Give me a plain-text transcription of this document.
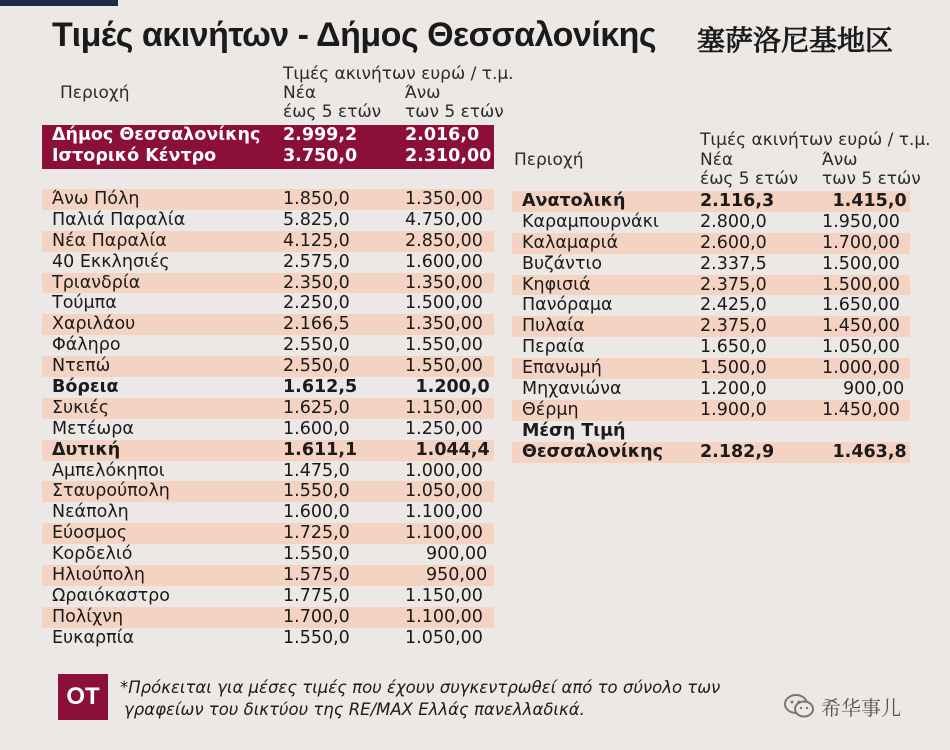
Τιμές ακινήτων - Δήμος Θεσσαλονίκης 塞萨洛尼基地区
Περιοχή
Τιμές ακινήτων ευρώ / τ.μ.
Νέα
έως 5 ετών
Άνω
των 5 ετών
Δήμος Θεσσαλονίκης 2.999,2	2.016,0
Ιστορικό Κέντρο	3.750,0	2.310,00
Άνω Πόλη	1.850,0	1.350,00
Παλιά Παραλία	5.825,0	4.750,00
Νέα Παραλία	4.125,0	2.850,00
40 Εκκλησιές	2.575,0	1.600,00
Τριανδρία	2.350,0	1.350,00
Τούμπα	2.250,0	1.500,00
Χαριλάου	2.166,5	1.350,00
Φάληρο	2.550,0	1.550,00
Ντεπώ	2.550,0	1.550,00
Βόρεια	1.612,5	1.200,0
Συκιές	1.625,0	1.150,00
Μετέωρα	1.600,0	1.250,00
Δυτική	1.611,1	1.044,4
Αμπελόκηποι	1.475,0	1.000,00
Σταυρούπολη	1.550,0	1.050,00
Νεάπολη	1.600,0	1.100,00
Εύοσμος	1.725,0	1.100,00
Κορδελιό	1.550,0	900,00
Ηλιούπολη	1.575,0	950,00
Ωραιόκαστρο	1.775,0	1.150,00
Πολίχνη	1.700,0	1.100,00
Ευκαρπία	1.550,0	1.050,00
Τιμές ακινήτων ευρώ / τ.μ.
Περιοχή	Νέα
έως 5 ετών
Άνω
των 5 ετών
Ανατολική	2.116,3	1.415,0
Καραμπουρνάκι 2.800,0	1.950,00
Καλαμαριά	2.600,0	1.700,00
Βυζάντιο	2.337,5	1.500,00
Κηφισιά	2.375,0	1.500,00
Πανόραμα	2.425,0	1.650,00
Πυλαία	2.375,0	1.450,00
Περαία	1.650,0	1.050,00
Επανωμή	1.500,0	1.000,00
Μηχανιώνα	1.200,0	900,00
Θέρμη	1.900,0	1.450,00
Μέση Τιμή
Θεσσαλονίκης 2.182,9	1.463,8
OT	*Πρόκειται για μέσες τιμές που έχουν συγκεντρωθεί από το σύνολο των
γραφείων του δικτύου της RE/MAX Ελλάς πανελλαδικά.	希华事儿
